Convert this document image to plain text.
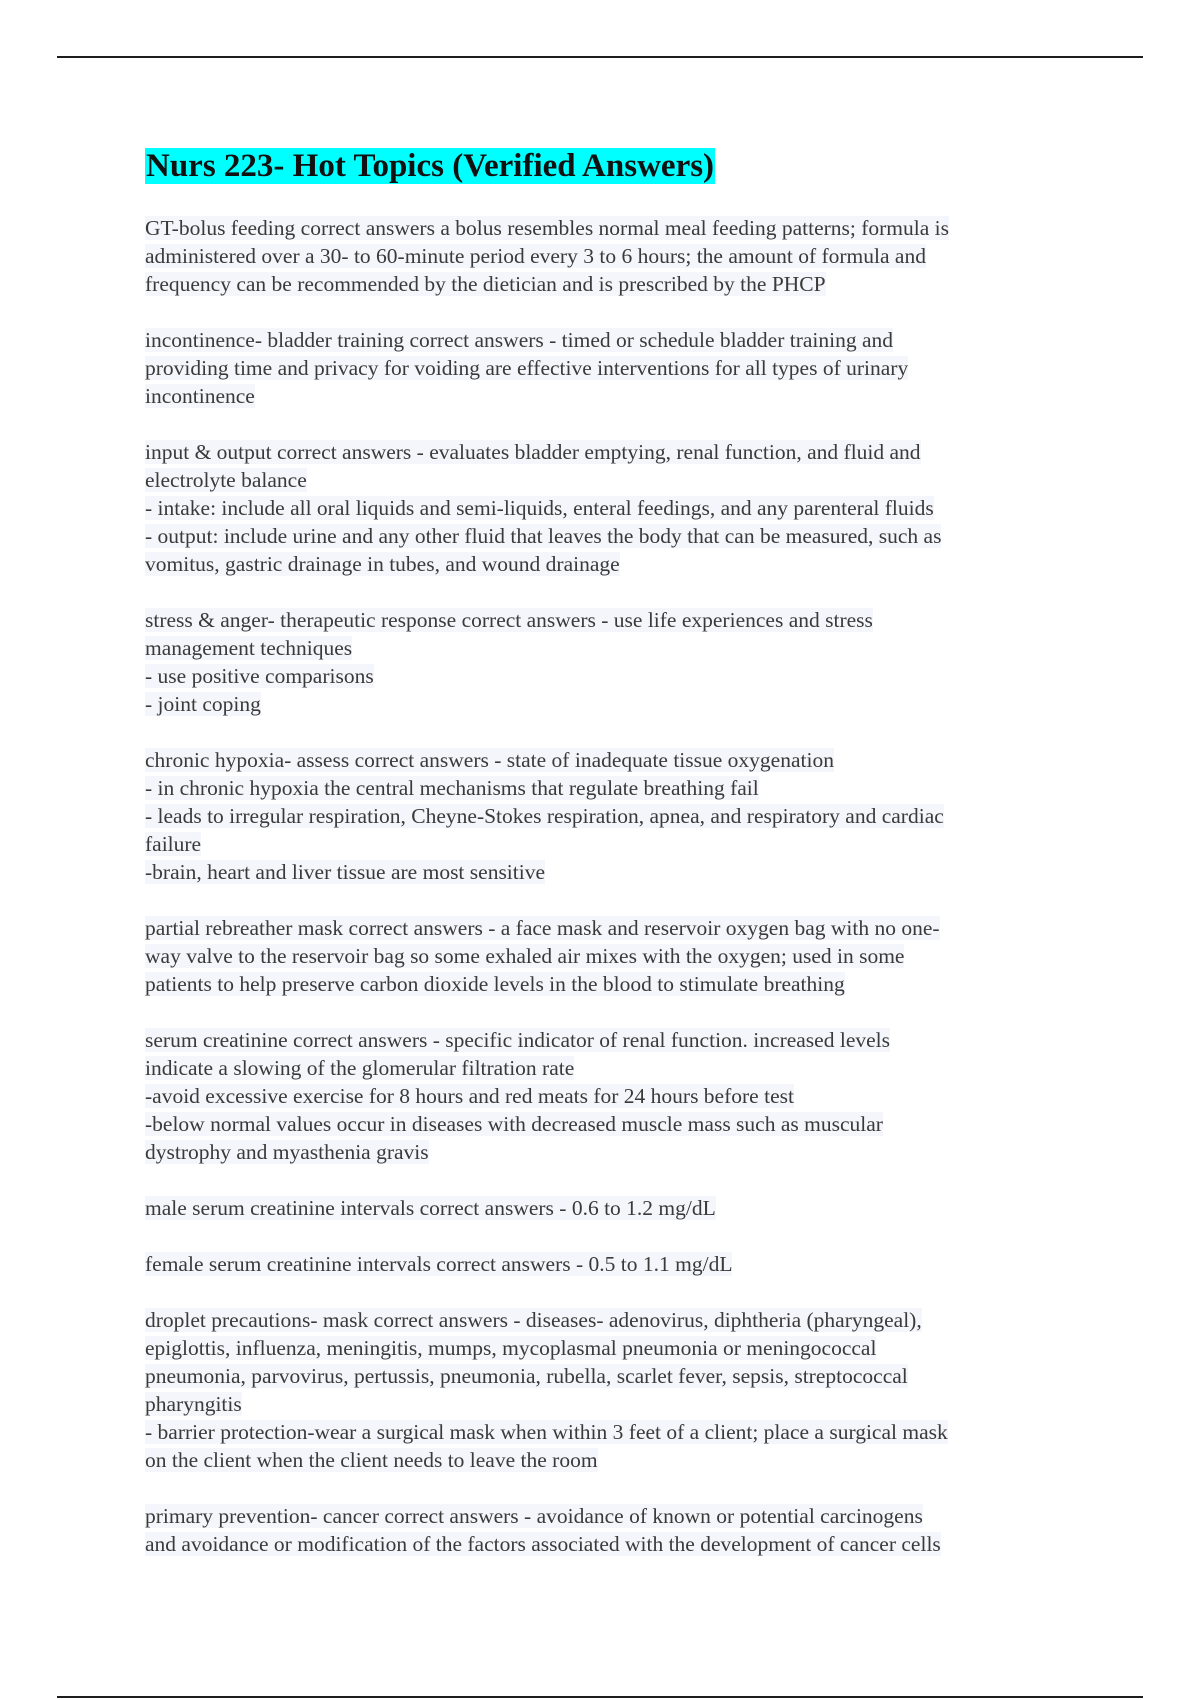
Nurs 223- Hot Topics (Verified Answers)
GT-bolus feeding correct answers a bolus resembles normal meal feeding patterns; formula is
administered over a 30- to 60-minute period every 3 to 6 hours; the amount of formula and
frequency can be recommended by the dietician and is prescribed by the PHCP
incontinence- bladder training correct answers - timed or schedule bladder training and
providing time and privacy for voiding are effective interventions for all types of urinary
incontinence
input & output correct answers - evaluates bladder emptying, renal function, and fluid and
electrolyte balance
- intake: include all oral liquids and semi-liquids, enteral feedings, and any parenteral fluids
- output: include urine and any other fluid that leaves the body that can be measured, such as
vomitus, gastric drainage in tubes, and wound drainage
stress & anger- therapeutic response correct answers - use life experiences and stress
management techniques
- use positive comparisons
- joint coping
chronic hypoxia- assess correct answers - state of inadequate tissue oxygenation
- in chronic hypoxia the central mechanisms that regulate breathing fail
- leads to irregular respiration, Cheyne-Stokes respiration, apnea, and respiratory and cardiac
failure
-brain, heart and liver tissue are most sensitive
partial rebreather mask correct answers - a face mask and reservoir oxygen bag with no one-
way valve to the reservoir bag so some exhaled air mixes with the oxygen; used in some
patients to help preserve carbon dioxide levels in the blood to stimulate breathing
serum creatinine correct answers - specific indicator of renal function. increased levels
indicate a slowing of the glomerular filtration rate
-avoid excessive exercise for 8 hours and red meats for 24 hours before test
-below normal values occur in diseases with decreased muscle mass such as muscular
dystrophy and myasthenia gravis
male serum creatinine intervals correct answers - 0.6 to 1.2 mg/dL
female serum creatinine intervals correct answers - 0.5 to 1.1 mg/dL
droplet precautions- mask correct answers - diseases- adenovirus, diphtheria (pharyngeal),
epiglottis, influenza, meningitis, mumps, mycoplasmal pneumonia or meningococcal
pneumonia, parvovirus, pertussis, pneumonia, rubella, scarlet fever, sepsis, streptococcal
pharyngitis
- barrier protection-wear a surgical mask when within 3 feet of a client; place a surgical mask
on the client when the client needs to leave the room
primary prevention- cancer correct answers - avoidance of known or potential carcinogens
and avoidance or modification of the factors associated with the development of cancer cells
